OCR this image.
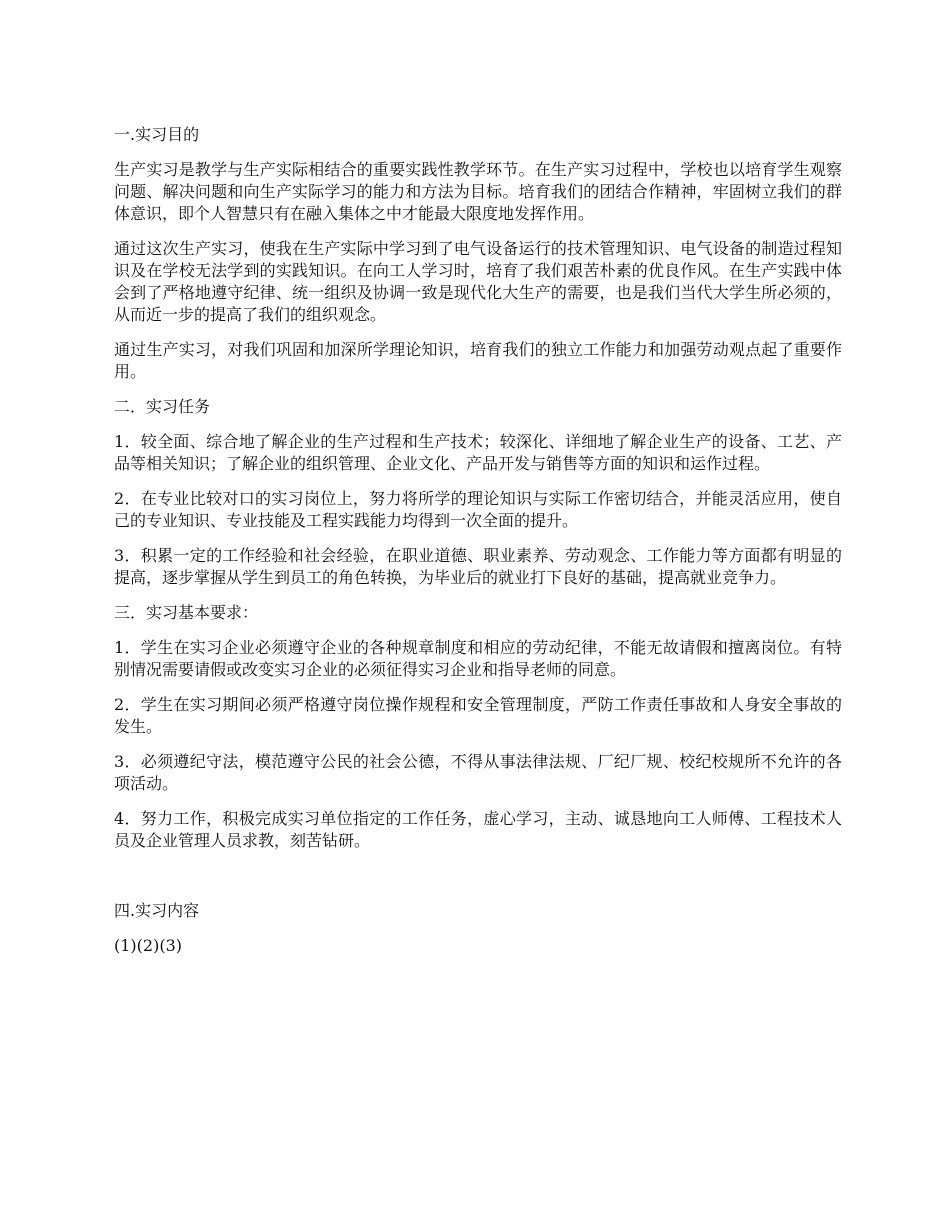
一.实习目的
生产实习是教学与生产实际相结合的重要实践性教学环节。在生产实习过程中，学校也以培育学生观察问题、解决问题和向生产实际学习的能力和方法为目标。培育我们的团结合作精神，牢固树立我们的群体意识，即个人智慧只有在融入集体之中才能最大限度地发挥作用。
通过这次生产实习，使我在生产实际中学习到了电气设备运行的技术管理知识、电气设备的制造过程知识及在学校无法学到的实践知识。在向工人学习时，培育了我们艰苦朴素的优良作风。在生产实践中体会到了严格地遵守纪律、统一组织及协调一致是现代化大生产的需要，也是我们当代大学生所必须的，从而近一步的提高了我们的组织观念。
通过生产实习，对我们巩固和加深所学理论知识，培育我们的独立工作能力和加强劳动观点起了重要作用。
二．实习任务
1．较全面、综合地了解企业的生产过程和生产技术；较深化、详细地了解企业生产的设备、工艺、产品等相关知识；了解企业的组织管理、企业文化、产品开发与销售等方面的知识和运作过程。
2．在专业比较对口的实习岗位上，努力将所学的理论知识与实际工作密切结合，并能灵活应用，使自己的专业知识、专业技能及工程实践能力均得到一次全面的提升。
3．积累一定的工作经验和社会经验，在职业道德、职业素养、劳动观念、工作能力等方面都有明显的提高，逐步掌握从学生到员工的角色转换，为毕业后的就业打下良好的基础，提高就业竞争力。
三．实习基本要求：
1．学生在实习企业必须遵守企业的各种规章制度和相应的劳动纪律，不能无故请假和擅离岗位。有特别情况需要请假或改变实习企业的必须征得实习企业和指导老师的同意。
2．学生在实习期间必须严格遵守岗位操作规程和安全管理制度，严防工作责任事故和人身安全事故的发生。
3．必须遵纪守法，模范遵守公民的社会公德，不得从事法律法规、厂纪厂规、校纪校规所不允许的各项活动。
4．努力工作，积极完成实习单位指定的工作任务，虚心学习，主动、诚恳地向工人师傅、工程技术人员及企业管理人员求教，刻苦钻研。
四.实习内容
(1)(2)(3)
